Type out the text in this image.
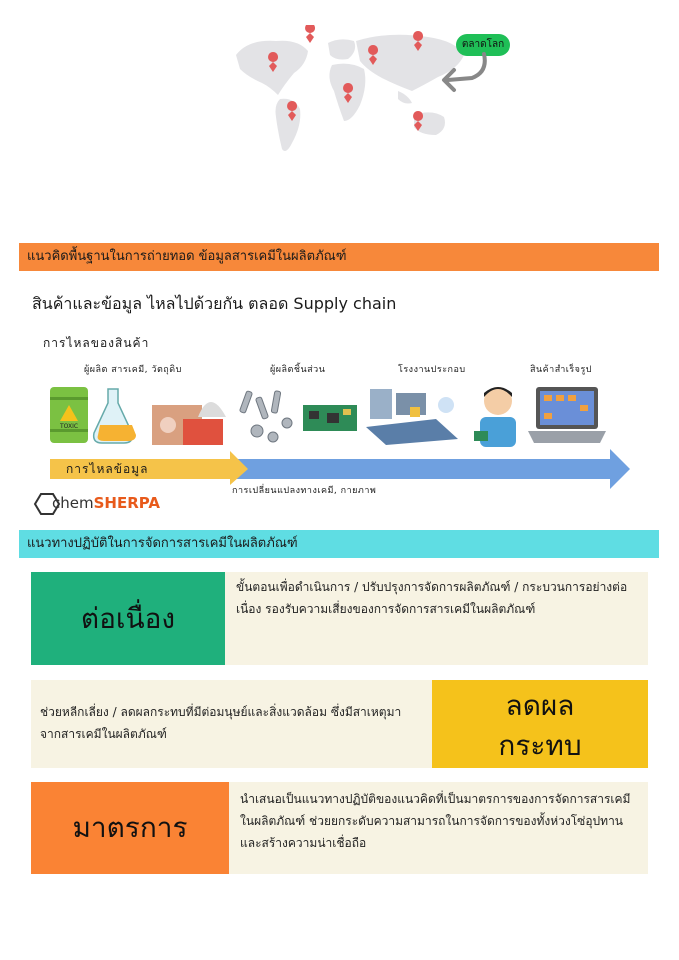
ตลาดโลก
แนวคิดพื้นฐานในการถ่ายทอด ข้อมูลสารเคมีในผลิตภัณฑ์
สินค้าและข้อมูล ไหลไปด้วยกัน ตลอด Supply chain
การไหลของสินค้า
ผู้ผลิต สารเคมี, วัตถุดิบ	ผู้ผลิตชิ้นส่วน	โรงงานประกอบ	สินค้าสำเร็จรูป
TOXIC
การไหลข้อมูล
การเปลี่ยนแปลงทางเคมี, กายภาพ
chemSHERPA
แนวทางปฏิบัติในการจัดการสารเคมีในผลิตภัณฑ์
ต่อเนื่อง
ขั้นตอนเพื่อดำเนินการ / ปรับปรุงการจัดการผลิตภัณฑ์ / กระบวนการอย่างต่อเนื่อง รองรับความเสี่ยงของการจัดการสารเคมีในผลิตภัณฑ์
ลดผล
กระทบ
ช่วยหลีกเลี่ยง / ลดผลกระทบที่มีต่อมนุษย์และสิ่งแวดล้อม ซึ่งมีสาเหตุมาจากสารเคมีในผลิตภัณฑ์
มาตรการ
นำเสนอเป็นแนวทางปฏิบัติของแนวคิดที่เป็นมาตรการของการจัดการสารเคมีในผลิตภัณฑ์ ช่วยยกระดับความสามารถในการจัดการของทั้งห่วงโซ่อุปทานและสร้างความน่าเชื่อถือ
